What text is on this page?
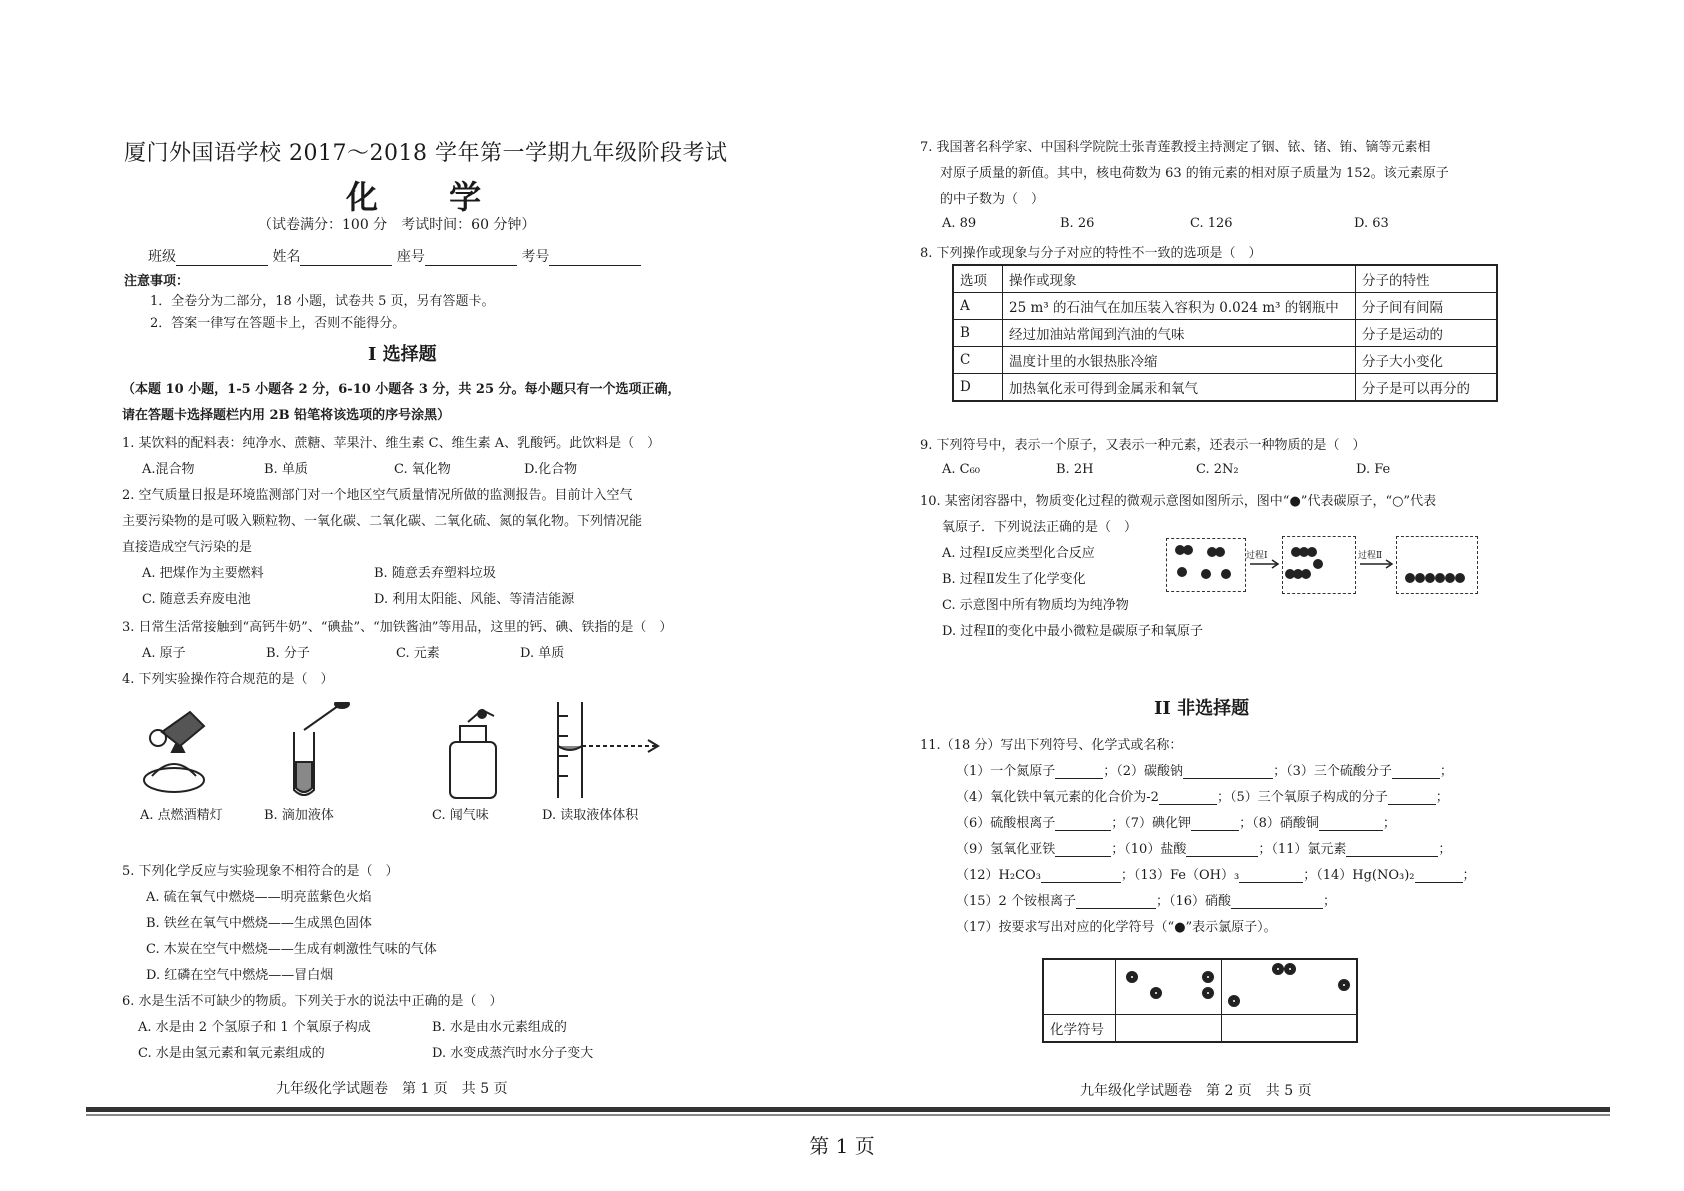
厦门外国语学校 2017～2018 学年第一学期九年级阶段考试
化 学
（试卷满分：100 分　考试时间：60 分钟）
班级	姓名	座号	考号
注意事项：
1．全卷分为二部分，18 小题，试卷共 5 页，另有答题卡。
2．答案一律写在答题卡上，否则不能得分。
I 选择题
（本题 10 小题，1-5 小题各 2 分，6-10 小题各 3 分，共 25 分。每小题只有一个选项正确，
请在答题卡选择题栏内用 2B 铅笔将该选项的序号涂黑）
1. 某饮料的配料表：纯净水、蔗糖、苹果汁、维生素 C、维生素 A、乳酸钙。此饮料是（　）
A.混合物	B. 单质	C. 氧化物	D.化合物
2. 空气质量日报是环境监测部门对一个地区空气质量情况所做的监测报告。目前计入空气
主要污染物的是可吸入颗粒物、一氧化碳、二氧化碳、二氧化硫、氮的氧化物。下列情况能
直接造成空气污染的是
A. 把煤作为主要燃料	B. 随意丢弃塑料垃圾
C. 随意丢弃废电池	D. 利用太阳能、风能、等清洁能源
3. 日常生活常接触到“高钙牛奶”、“碘盐”、“加铁酱油”等用品，这里的钙、碘、铁指的是（　）
A. 原子	B. 分子	C. 元素	D. 单质
4. 下列实验操作符合规范的是（　）
A. 点燃酒精灯	B. 滴加液体	C. 闻气味	D. 读取液体体积
5. 下列化学反应与实验现象不相符合的是（　）
A. 硫在氧气中燃烧——明亮蓝紫色火焰
B. 铁丝在氧气中燃烧——生成黑色固体
C. 木炭在空气中燃烧——生成有刺激性气味的气体
D. 红磷在空气中燃烧——冒白烟
6. 水是生活不可缺少的物质。下列关于水的说法中正确的是（　）
A. 水是由 2 个氢原子和 1 个氧原子构成	B. 水是由水元素组成的
C. 水是由氢元素和氧元素组成的	D. 水变成蒸汽时水分子变大
九年级化学试题卷　第 1 页　共 5 页
7. 我国著名科学家、中国科学院院士张青莲教授主持测定了铟、铱、锗、铕、镝等元素相
对原子质量的新值。其中，核电荷数为 63 的铕元素的相对原子质量为 152。该元素原子
的中子数为（　）
A. 89	B. 26	C. 126	D. 63
8. 下列操作或现象与分子对应的特性不一致的选项是（　）
选项	操作或现象	分子的特性
A	25 m³ 的石油气在加压装入容积为 0.024 m³ 的钢瓶中	分子间有间隔
B	经过加油站常闻到汽油的气味	分子是运动的
C	温度计里的水银热胀冷缩	分子大小变化
D	加热氧化汞可得到金属汞和氧气	分子是可以再分的
9. 下列符号中，表示一个原子，又表示一种元素，还表示一种物质的是（　）
A. C₆₀	B. 2H	C. 2N₂	D. Fe
10. 某密闭容器中，物质变化过程的微观示意图如图所示，图中“●”代表碳原子，“○”代表
氧原子．下列说法正确的是（　）
A. 过程Ⅰ反应类型化合反应
B. 过程Ⅱ发生了化学变化
C. 示意图中所有物质均为纯净物
D. 过程Ⅱ的变化中最小微粒是碳原子和氧原子
过程Ⅰ	过程Ⅱ
II 非选择题
11.（18 分）写出下列符号、化学式或名称：
（1）一个氮原子	；（2）碳酸钠	；（3）三个硫酸分子	；
（4）氧化铁中氧元素的化合价为-2	；（5）三个氧原子构成的分子	；
（6）硫酸根离子	；（7）碘化钾	；（8）硝酸铜	；
（9）氢氧化亚铁	；（10）盐酸	；（11）氯元素	；
（12）H₂CO₃	；（13）Fe（OH）₃	；（14）Hg(NO₃)₂	；
（15）2 个铵根离子	；（16）硝酸	；
（17）按要求写出对应的化学符号（“●”表示氯原子）。

化学符号		
九年级化学试题卷　第 2 页　共 5 页
第 1 页
